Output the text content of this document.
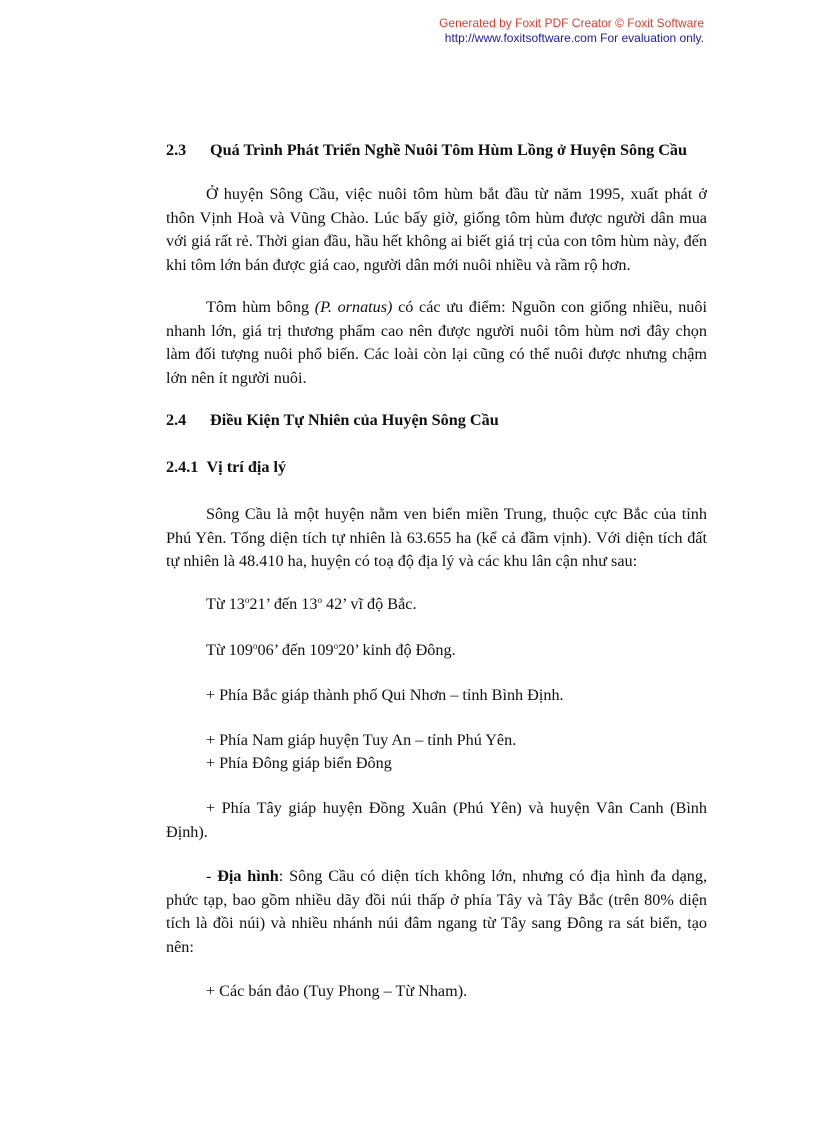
Generated by Foxit PDF Creator © Foxit Software
http://www.foxitsoftware.com For evaluation only.
2.3 Quá Trình Phát Triển Nghề Nuôi Tôm Hùm Lồng ở Huyện Sông Cầu
Ở huyện Sông Cầu, việc nuôi tôm hùm bắt đầu từ năm 1995, xuất phát ở thôn Vịnh Hoà và Vũng Chào. Lúc bấy giờ, giống tôm hùm được người dân mua với giá rất rẻ. Thời gian đầu, hầu hết không ai biết giá trị của con tôm hùm này, đến khi tôm lớn bán được giá cao, người dân mới nuôi nhiều và rầm rộ hơn.
Tôm hùm bông (P. ornatus) có các ưu điểm: Nguồn con giống nhiều, nuôi nhanh lớn, giá trị thương phẩm cao nên được người nuôi tôm hùm nơi đây chọn làm đối tượng nuôi phổ biến. Các loài còn lại cũng có thể nuôi được nhưng chậm lớn nên ít người nuôi.
2.4 Điều Kiện Tự Nhiên của Huyện Sông Cầu
2.4.1 Vị trí địa lý
Sông Cầu là một huyện nằm ven biển miền Trung, thuộc cực Bắc của tỉnh Phú Yên. Tổng diện tích tự nhiên là 63.655 ha (kể cả đầm vịnh). Với diện tích đất tự nhiên là 48.410 ha, huyện có toạ độ địa lý và các khu lân cận như sau:
Từ 13$^o$21’ đến 13$^o$ 42’ vĩ độ Bắc.
Từ 109$^o$06’ đến 109$^o$20’ kinh độ Đông.
+ Phía Bắc giáp thành phố Qui Nhơn – tỉnh Bình Định.
+ Phía Nam giáp huyện Tuy An – tỉnh Phú Yên.
+ Phía Đông giáp biển Đông
+ Phía Tây giáp huyện Đồng Xuân (Phú Yên) và huyện Vân Canh (Bình Định).
- Địa hình: Sông Cầu có diện tích không lớn, nhưng có địa hình đa dạng, phức tạp, bao gồm nhiều dãy đồi núi thấp ở phía Tây và Tây Bắc (trên 80% diện tích là đồi núi) và nhiều nhánh núi đâm ngang từ Tây sang Đông ra sát biển, tạo nên:
+ Các bán đảo (Tuy Phong – Từ Nham).
